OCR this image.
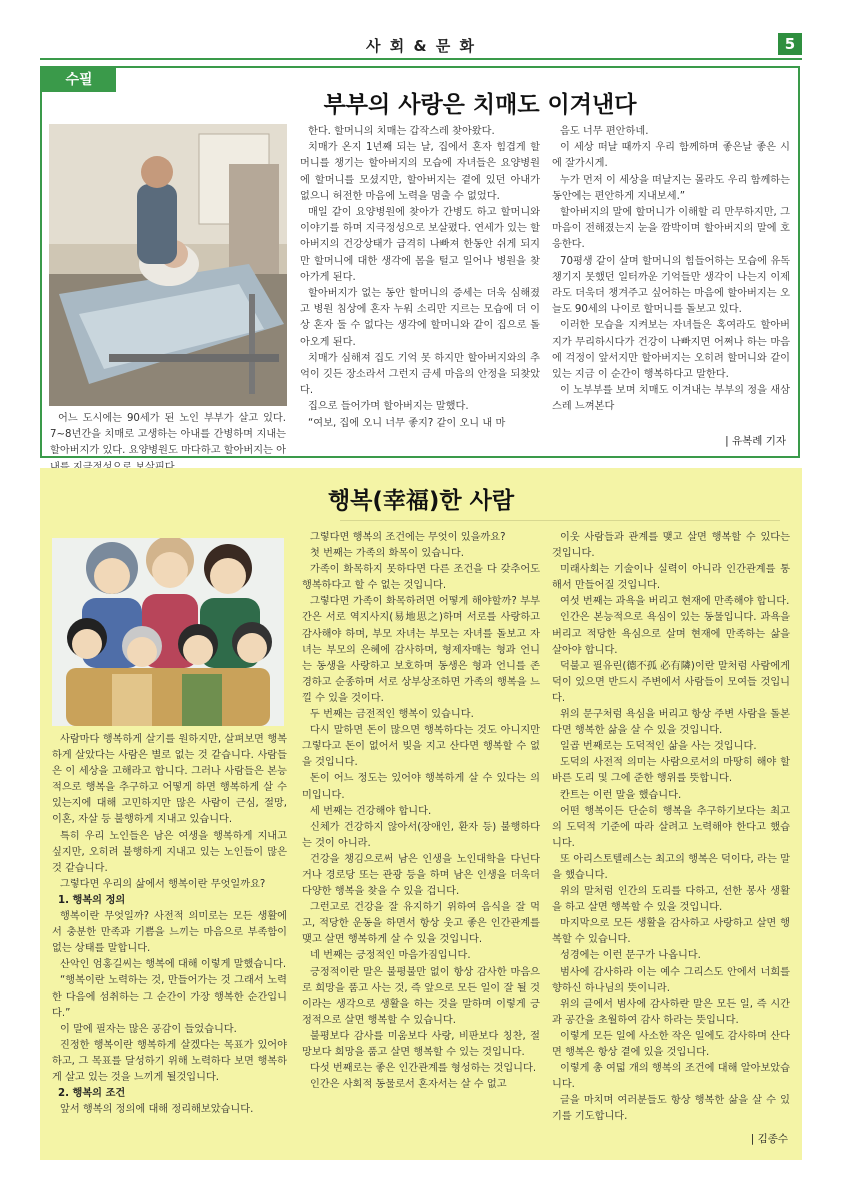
사 회 & 문 화	5
수필
부부의 사랑은 치매도 이겨낸다

어느 도시에는 90세가 된 노인 부부가 살고 있다. 7~8년간을 치매로 고생하는 아내를 간병하며 지내는 할아버지가 있다. 요양병원도 마다하고 할아버지는 아

한다. 할머니의 치매는 갑작스레 찾아왔다.

치매가 온지 1년째 되는 날, 집에서 혼자 힘겹게 할머니를 챙기는 할아버지의 모습에 자녀들은 요양병원에 할머니를 모셨지만, 할아버지는 곁에 있던 아내가 없으니 허전한 마음에 노력을 멈출 수 없었다.

매일 같이 요양병원에 찾아가 간병도 하고 할머니와 이야기를 하며 지극정성으로 보살폈다. 연세가 있는 할아버지의 건강상태가 급격히 나빠져 한동안 쉬게 되지만 할머니에 대한 생각에 몸을 털고 일어나 병원을 찾아가게 된다.

할아버지가 없는 동안 할머니의 증세는 더욱 심해졌고 병원 침상에 혼자 누워 소리만 지르는 모습에 더 이상 혼자 둘 수 없다는 생각에 할머니와 같이 집으로 돌아오게 된다.

치매가 심해져 집도 기억 못 하지만 할아버지와의 추억이 깃든 장소라서 그런지 금세 마음의 안정을 되찾았다.

집으로 들어가며 할아버지는 말했다.

“여보, 집에 오니 너무 좋지? 같이 오니 내 마

음도 너무 편안하네.

이 세상 떠날 때까지 우리 함께하며 좋은날 좋은 시에 잘가시게.

누가 먼저 이 세상을 떠날지는 몰라도 우리 함께하는 동안에는 편안하게 지내보세.”

할아버지의 말에 할머니가 이해할 리 만무하지만, 그 마음이 전해졌는지 눈을 깜박이며 할아버지의 말에 호응한다.

70평생 같이 살며 할머니의 힘들어하는 모습에 유독 챙기지 못했던 일터까운 기억들만 생각이 나는지 이제라도 더욱더 챙겨주고 싶어하는 마음에 할아버지는 오늘도 90세의 나이로 할머니를 돌보고 있다.

이러한 모습을 지켜보는 자녀들은 혹여라도 할아버지가 무리하시다가 건강이 나빠지면 어쩌나 하는 마음에 걱정이 앞서지만 할아버지는 오히려 할머니와 같이 있는 지금 이 순간이 행복하다고 말한다.

이 노부부를 보며 치매도 이겨내는 부부의 정을 새삼스레 느껴본다

| 유복례 기자
행복(幸福)한 사람

사람마다 행복하게 살기를 원하지만, 살펴보면 행복하게 살았다는 사람은 별로 없는 것 같습니다. 사람들은 이 세상을 고해라고 합니다. 그러나 사람들은 본능적으로 행복을 추구하고 어떻게 하면 행복하게 살 수 있는지에 대해 고민하지만 많은 사람이 근심, 절망, 이혼, 자살 등 불행하게 지내고 있습니다.

특히 우리 노인들은 남은 여생을 행복하게 지내고 싶지만, 오히려 불행하게 지내고 있는 노인들이 많은 것 같습니다.

그렇다면 우리의 삶에서 행복이란 무엇일까요?

1. 행복의 정의

행복이란 무엇일까? 사전적 의미로는 모든 생활에서 충분한 만족과 기쁨을 느끼는 마음으로 부족함이 없는 상태를 말합니다.

산악인 엄홍길씨는 행복에 대해 이렇게 말했습니다.

“행복이란 노력하는 것, 만들어가는 것 그래서 노력한 다음에 섬취하는 그 순간이 가장 행복한 순간입니다.”

이 말에 필자는 많은 공감이 들었습니다.

진정한 행복이란 행복하게 살겠다는 목표가 있어야 하고, 그 목표를 달성하기 위해 노력하다 보면 행복하게 살고 있는 것을 느끼게 될것입니다.

2. 행복의 조건

앞서 행복의 정의에 대해 정리해보았습니다.

그렇다면 행복의 조건에는 무엇이 있을까요?

첫 번째는 가족의 화목이 있습니다.

가족이 화목하지 못하다면 다른 조건을 다 갖추어도 행복하다고 할 수 없는 것입니다.

그렇다면 가족이 화목하려면 어떻게 해야할까? 부부간은 서로 역지사지(易地思之)하며 서로를 사랑하고 감사해야 하며, 부모 자녀는 부모는 자녀를 돌보고 자녀는 부모의 은혜에 감사하며, 형제자매는 형과 언니는 동생을 사랑하고 보호하며 동생은 형과 언니를 존경하고 순종하며 서로 상부상조하면 가족의 행복을 느낄 수 있을 것이다.

두 번째는 금전적인 행복이 있습니다.

다시 말하면 돈이 많으면 행복하다는 것도 아니지만 그렇다고 돈이 없어서 빚을 지고 산다면 행복할 수 없을 것입니다.

돈이 어느 정도는 있어야 행복하게 살 수 있다는 의미입니다.

세 번째는 건강해야 합니다.

신체가 건강하지 않아서(장애인, 환자 등) 불행하다는 것이 아니라.

건강을 챙김으로써 남은 인생을 노인대학을 다닌다거나 경로당 또는 관광 등을 하며 남은 인생을 더욱더 다양한 행복을 찾을 수 있을 겁니다.

그런고로 건강을 잘 유지하기 위하여 음식을 잘 먹고, 적당한 운동을 하면서 항상 웃고 좋은 인간관계를 맺고 살면 행복하게 살 수 있을 것입니다.

네 번째는 긍정적인 마음가짐입니다.

긍정적이란 말은 불평불만 없이 항상 감사한 마음으로 희망을 품고 사는 것, 즉 앞으로 모든 일이 잘 될 것이라는 생각으로 생활을 하는 것을 말하며 이렇게 긍정적으로 살면 행복할 수 있습니다.

불평보다 감사를 미움보다 사랑, 비판보다 칭찬, 절망보다 희망을 품고 살면 행복할 수 있는 것입니다.

다섯 번째로는 좋은 인간관계를 형성하는 것입니다.

인간은 사회적 동물로서 혼자서는 살 수 없고

이웃 사람들과 관계를 맺고 살면 행복할 수 있다는 것입니다.

미래사회는 기술이나 실력이 아니라 인간관계를 통해서 만들어질 것입니다.

여섯 번째는 과욕을 버리고 현재에 만족해야 합니다.

인간은 본능적으로 욕심이 있는 동물입니다. 과욕을 버리고 적당한 욕심으로 살며 현재에 만족하는 삶을 살아야 합니다.

덕불고 필유린(德不孤 必有隣)이란 말처럼 사람에게 덕이 있으면 반드시 주변에서 사람들이 모여들 것입니다.

위의 문구처럼 욕심을 버리고 항상 주변 사람을 돌본다면 행복한 삶을 살 수 있을 것입니다.

일곱 번째로는 도덕적인 삶을 사는 것입니다.

도덕의 사전적 의미는 사람으로서의 마땅히 해야 할 바른 도리 및 그에 준한 행위를 뜻합니다.

칸트는 이런 말을 했습니다.

어떤 행복이든 단순히 행복을 추구하기보다는 최고의 도덕적 기준에 따라 살려고 노력해야 한다고 했습니다.

또 아리스토텔레스는 최고의 행복은 덕이다, 라는 말을 했습니다.

위의 말처럼 인간의 도리를 다하고, 선한 봉사 생활을 하고 살면 행복할 수 있을 것입니다.

마지막으로 모든 생활을 감사하고 사랑하고 살면 행복할 수 있습니다.

성경에는 이런 문구가 나옵니다.

범사에 감사하라 이는 예수 그리스도 안에서 너희를 향하신 하나님의 뜻이니라.

위의 글에서 범사에 감사하란 말은 모든 일, 즉 시간과 공간을 초월하여 감사 하라는 뜻입니다.

이렇게 모든 일에 사소한 작은 일에도 감사하며 산다면 행복은 항상 곁에 있을 것입니다.

이렇게 총 여덟 개의 행복의 조건에 대해 알아보았습니다.

글을 마치며 여러분들도 항상 행복한 삶을 살 수 있기를 기도합니다.

| 김종수
